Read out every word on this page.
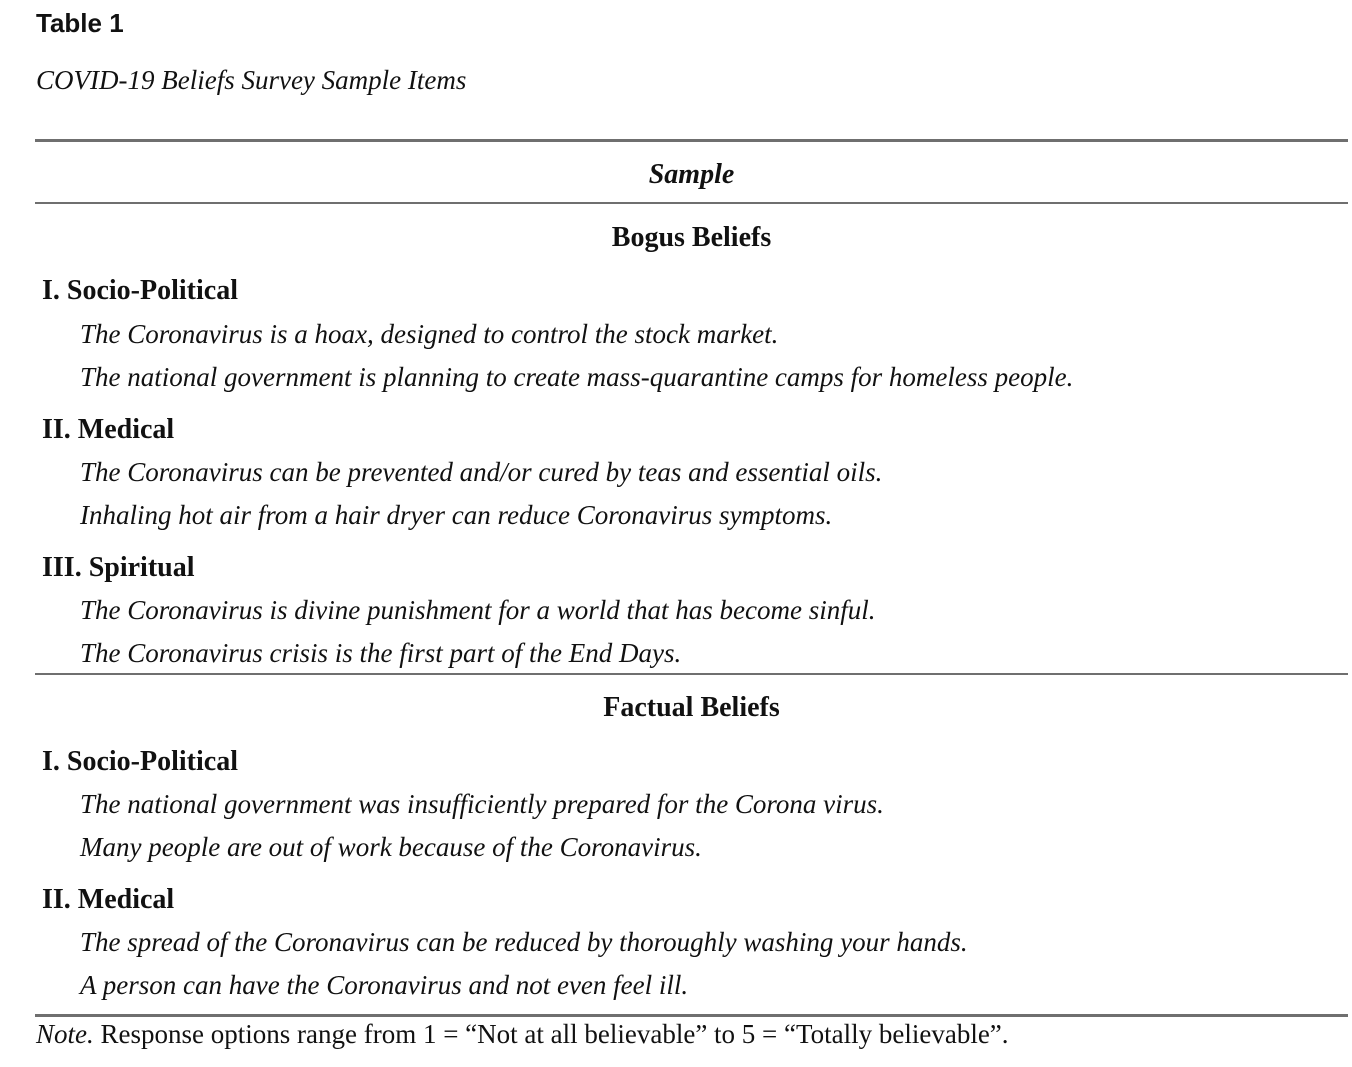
Table 1
COVID-19 Beliefs Survey Sample Items
Sample
Bogus Beliefs
I. Socio-Political
The Coronavirus is a hoax, designed to control the stock market.
The national government is planning to create mass-quarantine camps for homeless people.
II. Medical
The Coronavirus can be prevented and/or cured by teas and essential oils.
Inhaling hot air from a hair dryer can reduce Coronavirus symptoms.
III. Spiritual
The Coronavirus is divine punishment for a world that has become sinful.
The Coronavirus crisis is the first part of the End Days.
Factual Beliefs
I. Socio-Political
The national government was insufficiently prepared for the Corona virus.
Many people are out of work because of the Coronavirus.
II. Medical
The spread of the Coronavirus can be reduced by thoroughly washing your hands.
A person can have the Coronavirus and not even feel ill.
Note. Response options range from 1 = “Not at all believable” to 5 = “Totally believable”.
